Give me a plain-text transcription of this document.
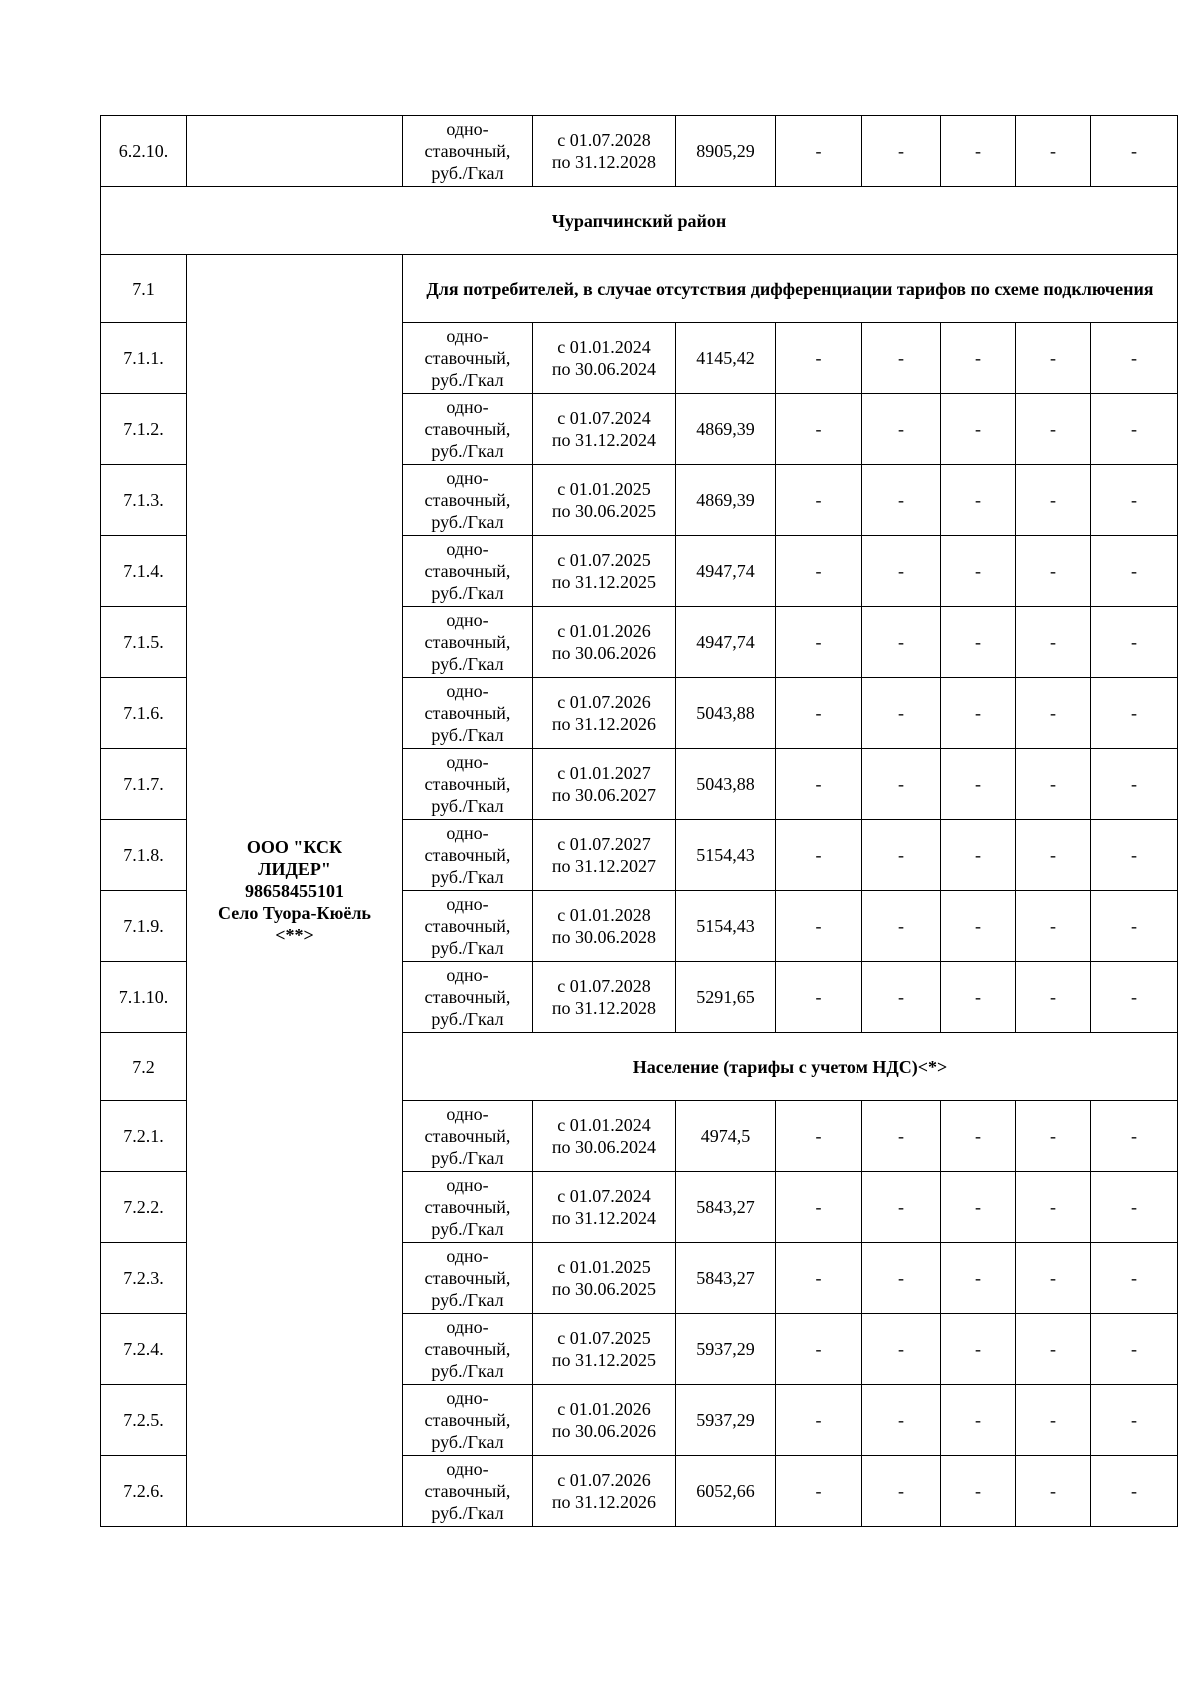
6.2.10.		одно-
ставочный,
руб./Гкал	с 01.07.2028
по 31.12.2028	8905,29	-	-	-	-	-
Чурапчинский район									
7.1	ООО "КСК
ЛИДЕР"
98658455101
Село Туора-Кюёль
<**>	Для потребителей, в случае отсутствия дифференциации тарифов по схеме подключения							
7.1.1.		одно-
ставочный,
руб./Гкал	с 01.01.2024
по 30.06.2024	4145,42	-	-	-	-	-
7.1.2.		одно-
ставочный,
руб./Гкал	с 01.07.2024
по 31.12.2024	4869,39	-	-	-	-	-
7.1.3.		одно-
ставочный,
руб./Гкал	с 01.01.2025
по 30.06.2025	4869,39	-	-	-	-	-
7.1.4.		одно-
ставочный,
руб./Гкал	с 01.07.2025
по 31.12.2025	4947,74	-	-	-	-	-
7.1.5.		одно-
ставочный,
руб./Гкал	с 01.01.2026
по 30.06.2026	4947,74	-	-	-	-	-
7.1.6.		одно-
ставочный,
руб./Гкал	с 01.07.2026
по 31.12.2026	5043,88	-	-	-	-	-
7.1.7.		одно-
ставочный,
руб./Гкал	с 01.01.2027
по 30.06.2027	5043,88	-	-	-	-	-
7.1.8.		одно-
ставочный,
руб./Гкал	с 01.07.2027
по 31.12.2027	5154,43	-	-	-	-	-
7.1.9.		одно-
ставочный,
руб./Гкал	с 01.01.2028
по 30.06.2028	5154,43	-	-	-	-	-
7.1.10.		одно-
ставочный,
руб./Гкал	с 01.07.2028
по 31.12.2028	5291,65	-	-	-	-	-
7.2		Население (тарифы с учетом НДС)<*>							
7.2.1.		одно-
ставочный,
руб./Гкал	с 01.01.2024
по 30.06.2024	4974,5	-	-	-	-	-
7.2.2.		одно-
ставочный,
руб./Гкал	с 01.07.2024
по 31.12.2024	5843,27	-	-	-	-	-
7.2.3.		одно-
ставочный,
руб./Гкал	с 01.01.2025
по 30.06.2025	5843,27	-	-	-	-	-
7.2.4.		одно-
ставочный,
руб./Гкал	с 01.07.2025
по 31.12.2025	5937,29	-	-	-	-	-
7.2.5.		одно-
ставочный,
руб./Гкал	с 01.01.2026
по 30.06.2026	5937,29	-	-	-	-	-
7.2.6.		одно-
ставочный,
руб./Гкал	с 01.07.2026
по 31.12.2026	6052,66	-	-	-	-	-
